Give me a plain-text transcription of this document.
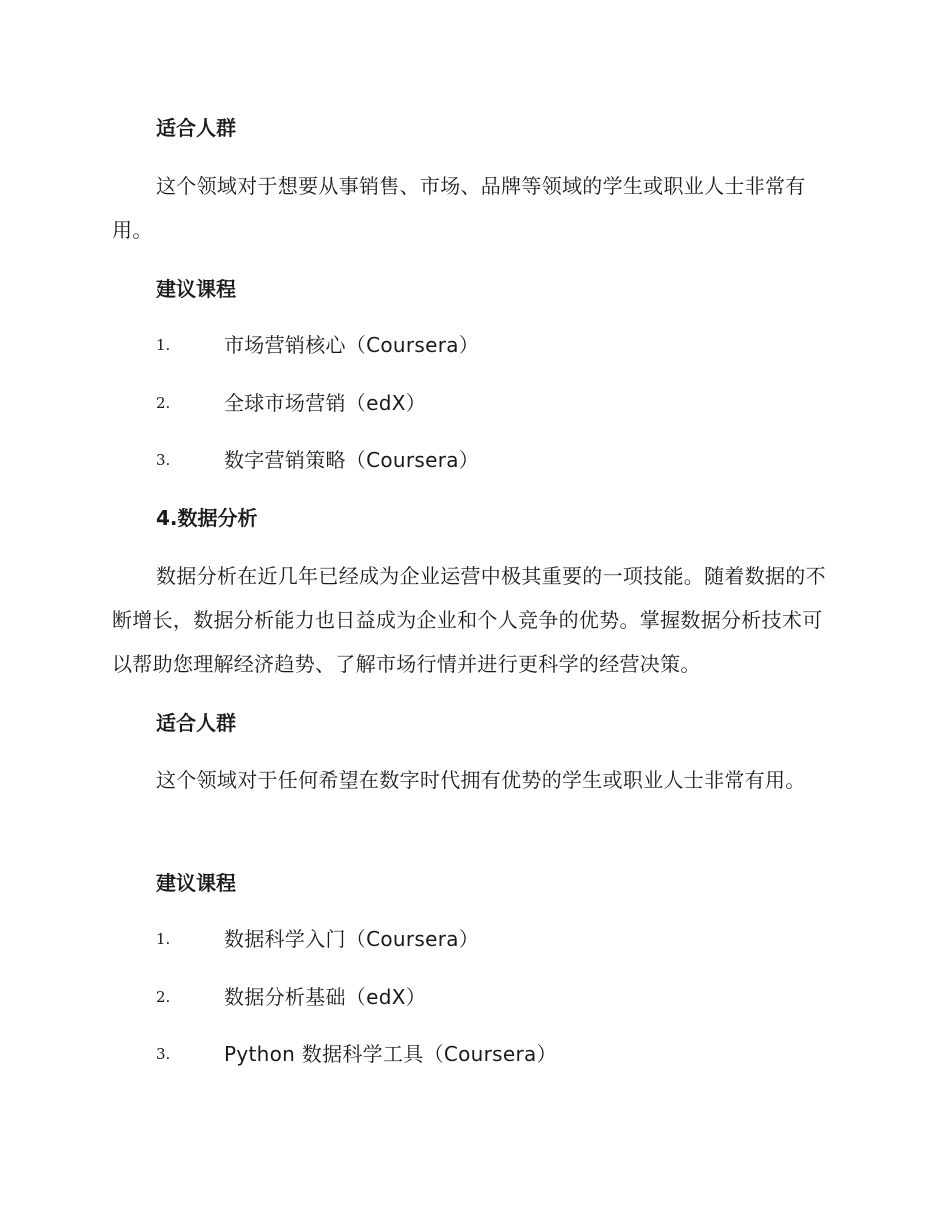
适合人群
这个领域对于想要从事销售、市场、品牌等领域的学生或职业人士非常有用。
建议课程
1.	市场营销核心（Coursera）
2.	全球市场营销（edX）
3.	数字营销策略（Coursera）
4.数据分析
数据分析在近几年已经成为企业运营中极其重要的一项技能。随着数据的不断增长，数据分析能力也日益成为企业和个人竞争的优势。掌握数据分析技术可以帮助您理解经济趋势、了解市场行情并进行更科学的经营决策。
适合人群
这个领域对于任何希望在数字时代拥有优势的学生或职业人士非常有用。
建议课程
1.	数据科学入门（Coursera）
2.	数据分析基础（edX）
3.	Python 数据科学工具（Coursera）
